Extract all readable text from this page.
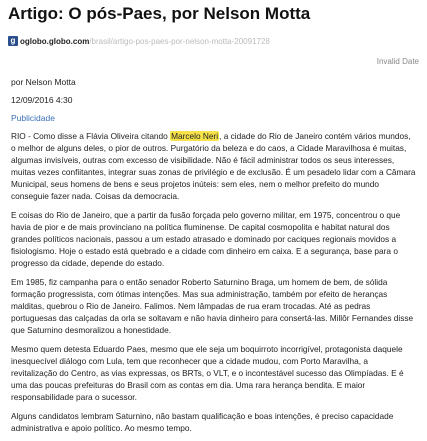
Artigo: O pós-Paes, por Nelson Motta
g oglobo.globo.com /brasil/artigo-pos-paes-por-nelson-motta-20091728
Invalid Date
por Nelson Motta
12/09/2016 4:30
Publicidade

RIO - Como disse a Flávia Oliveira citando Marcelo Neri, a cidade do Rio de Janeiro contém vários mundos, o melhor de alguns deles, o pior de outros. Purgatório da beleza e do caos, a Cidade Maravilhosa é muitas, algumas invisíveis, outras com excesso de visibilidade. Não é fácil administrar todos os seus interesses, muitas vezes confiitantes, integrar suas zonas de privilégio e de exclusão. É um pesadelo lidar com a Câmara Municipal, seus homens de bens e seus projetos inúteis: sem eles, nem o melhor prefeito do mundo conseguie fazer nada. Coisas da democracia.

E coisas do Rio de Janeiro, que a partir da fusão forçada pelo governo militar, em 1975, concentrou o que havia de pior e de mais provinciano na política fluminense. De capital cosmopolita e habitat natural dos grandes políticos nacionais, passou a um estado atrasado e dominado por caciques regionais movidos a fisiologismo. Hoje o estado está quebrado e a cidade com dinheiro em caixa. E a segurança, base para o progresso da cidade, depende do estado.

Em 1985, fiz campanha para o então senador Roberto Saturnino Braga, um homem de bem, de sólida formação progressista, com ótimas intenções. Mas sua administração, também por efeito de heranças malditas, quebrou o Rio de Janeiro. Falimos. Nem lâmpadas de rua eram trocadas. Até as pedras portuguesas das calçadas da orla se soltavam e não havia dinheiro para consertá-las. Millôr Fernandes disse que Saturnino desmoralizou a honestidade.

Mesmo quem detesta Eduardo Paes, mesmo que ele seja um boquirroto incorrigível, protagonista daquele inesquecível diálogo com Lula, tem que reconhecer que a cidade mudou, com Porto Maravilha, a revitalização do Centro, as vias expressas, os BRTs, o VLT, e o incontestável sucesso das Olimpíadas. E é uma das poucas prefeituras do Brasil com as contas em dia. Uma rara herança bendita. E maior responsabilidade para o sucessor.

Alguns candidatos lembram Saturnino, não bastam qualificação e boas intenções, é preciso capacidade administrativa e apoio político. Ao mesmo tempo.
